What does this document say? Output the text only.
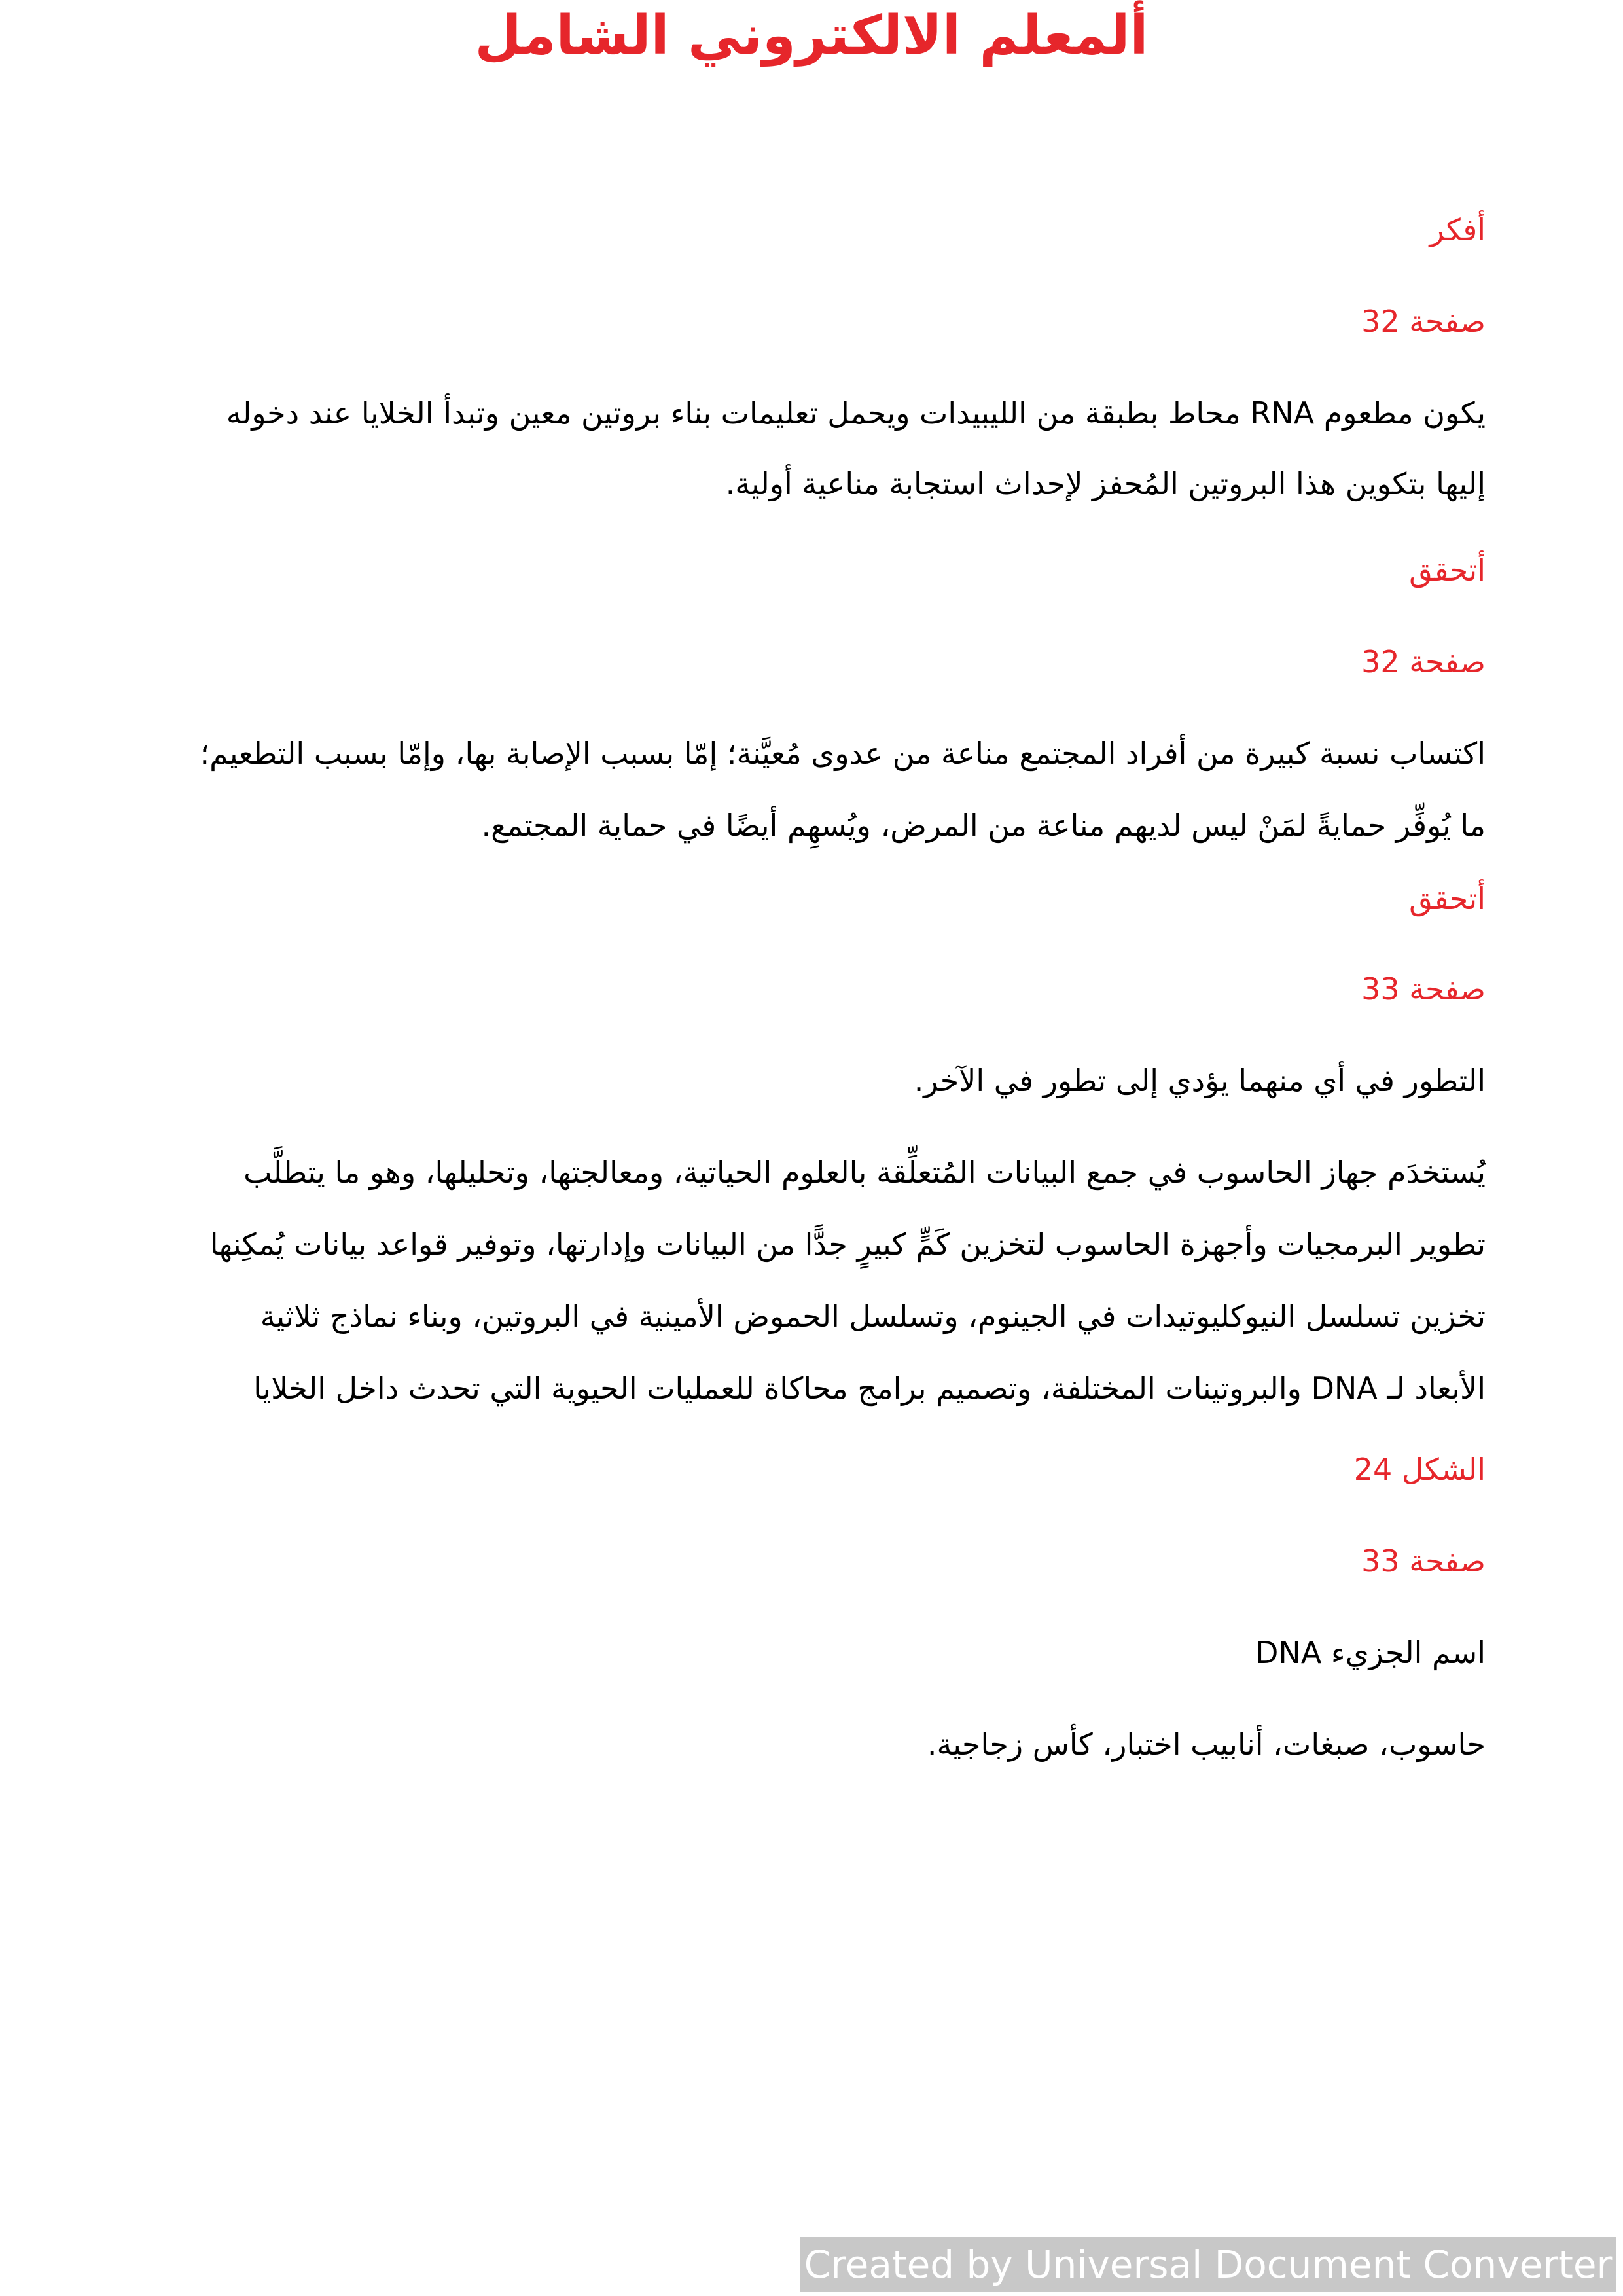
ألمعلم الالكتروني الشامل

أفكر

صفحة 32

يكون مطعوم RNA محاط بطبقة من الليبيدات ويحمل تعليمات بناء بروتين معين وتبدأ الخلايا عند دخوله

إليها بتكوين هذا البروتين المُحفز لإحداث استجابة مناعية أولية.

أتحقق

صفحة 32

اكتساب نسبة كبيرة من أفراد المجتمع مناعة من عدوى مُعيَّنة؛ إمّا بسبب الإصابة بها، وإمّا بسبب التطعيم؛

ما يُوفِّر حمايةً لمَنْ ليس لديهم مناعة من المرض، ويُسهِم أيضًا في حماية المجتمع.

أتحقق

صفحة 33

التطور في أي منهما يؤدي إلى تطور في الآخر.

يُستخدَم جهاز الحاسوب في جمع البيانات المُتعلِّقة بالعلوم الحياتية، ومعالجتها، وتحليلها، وهو ما يتطلَّب

تطوير البرمجيات وأجهزة الحاسوب لتخزين كَمٍّ كبيرٍ جدًّا من البيانات وإدارتها، وتوفير قواعد بيانات يُمكِنها

تخزين تسلسل النيوكليوتيدات في الجينوم، وتسلسل الحموض الأمينية في البروتين، وبناء نماذج ثلاثية

الأبعاد لـ DNA والبروتينات المختلفة، وتصميم برامج محاكاة للعمليات الحيوية التي تحدث داخل الخلايا

الشكل 24

صفحة 33

اسم الجزيء DNA

حاسوب، صبغات، أنابيب اختبار، كأس زجاجية.

Created by Universal Document Converter
